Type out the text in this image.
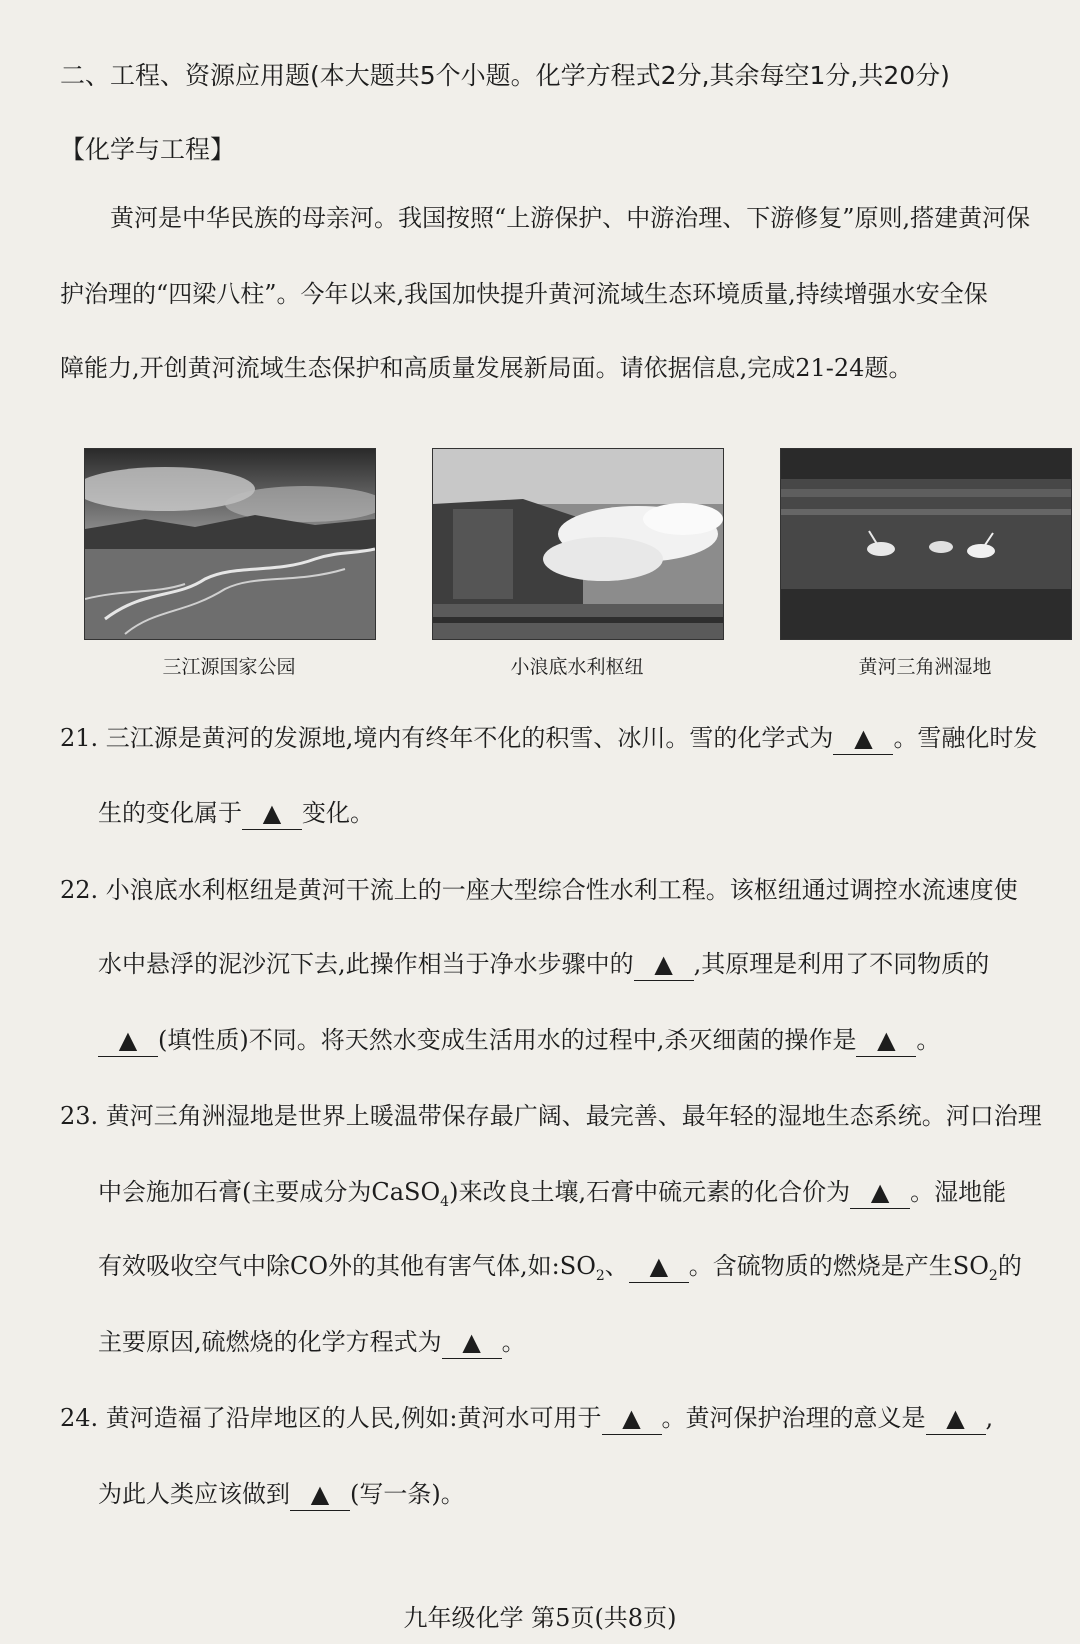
二、工程、资源应用题(本大题共5个小题。化学方程式2分,其余每空1分,共20分)
【化学与工程】
黄河是中华民族的母亲河。我国按照“上游保护、中游治理、下游修复”原则,搭建黄河保
护治理的“四梁八柱”。今年以来,我国加快提升黄河流域生态环境质量,持续增强水安全保
障能力,开创黄河流域生态保护和高质量发展新局面。请依据信息,完成21-24题。
三江源国家公园	小浪底水利枢纽	黄河三角洲湿地
21. 三江源是黄河的发源地,境内有终年不化的积雪、冰川。雪的化学式为 ▲ 。雪融化时发
生的变化属于 ▲ 变化。
22. 小浪底水利枢纽是黄河干流上的一座大型综合性水利工程。该枢纽通过调控水流速度使
水中悬浮的泥沙沉下去,此操作相当于净水步骤中的 ▲ ,其原理是利用了不同物质的
▲ (填性质)不同。将天然水变成生活用水的过程中,杀灭细菌的操作是 ▲ 。
23. 黄河三角洲湿地是世界上暖温带保存最广阔、最完善、最年轻的湿地生态系统。河口治理
中会施加石膏(主要成分为CaSO$_4$)来改良土壤,石膏中硫元素的化合价为 ▲ 。湿地能
有效吸收空气中除CO外的其他有害气体,如$:SO_2$、 ▲ 。含硫物质的燃烧是产生$SO_2$的
主要原因,硫燃烧的化学方程式为 ▲ 。
24. 黄河造福了沿岸地区的人民,例如:黄河水可用于 ▲ 。黄河保护治理的意义是 ▲ ,
为此人类应该做到 ▲ (写一条)。
九年级化学 第5页(共8页)
